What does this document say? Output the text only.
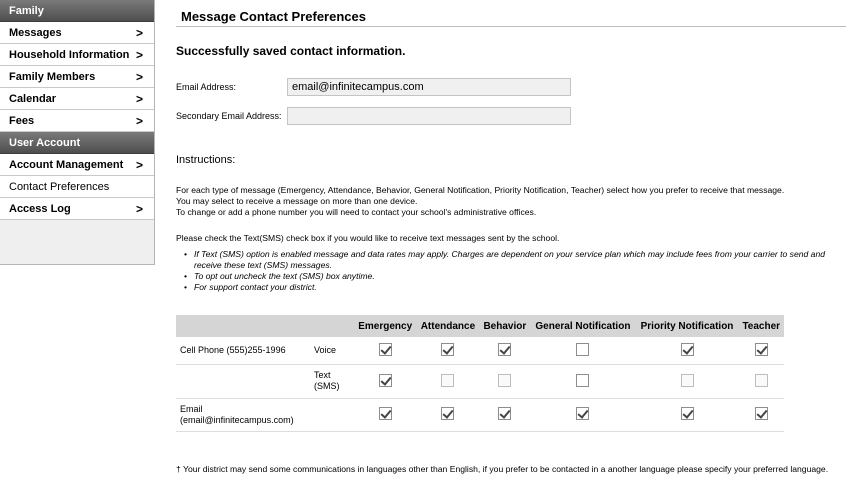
Family
Messages	>
Household Information >
Family Members	>
Calendar	>
Fees	>
User Account
Account Management >
Contact Preferences
Access Log	>
Message Contact Preferences
Successfully saved contact information.
Email Address:
email@infinitecampus.com
Secondary Email Address:
Instructions:
For each type of message (Emergency, Attendance, Behavior, General Notification, Priority Notification, Teacher) select how you prefer to receive that message.
You may select to receive a message on more than one device.
To change or add a phone number you will need to contact your school's administrative offices.
Please check the Text(SMS) check box if you would like to receive text messages sent by the school.
• If Text (SMS) option is enabled message and data rates may apply. Charges are dependent on your service plan which may include fees from your carrier to send and receive these text (SMS) messages.
• To opt out uncheck the text (SMS) box anytime.
• For support contact your district.
		Emergency	Attendance	Behavior	General Notification	Priority Notification	Teacher
Cell Phone (555)255-1996	Voice						
	Text (SMS)						
Email (email@infinitecampus.com)							
† Your district may send some communications in languages other than English, if you prefer to be contacted in a another language please specify your preferred language.
